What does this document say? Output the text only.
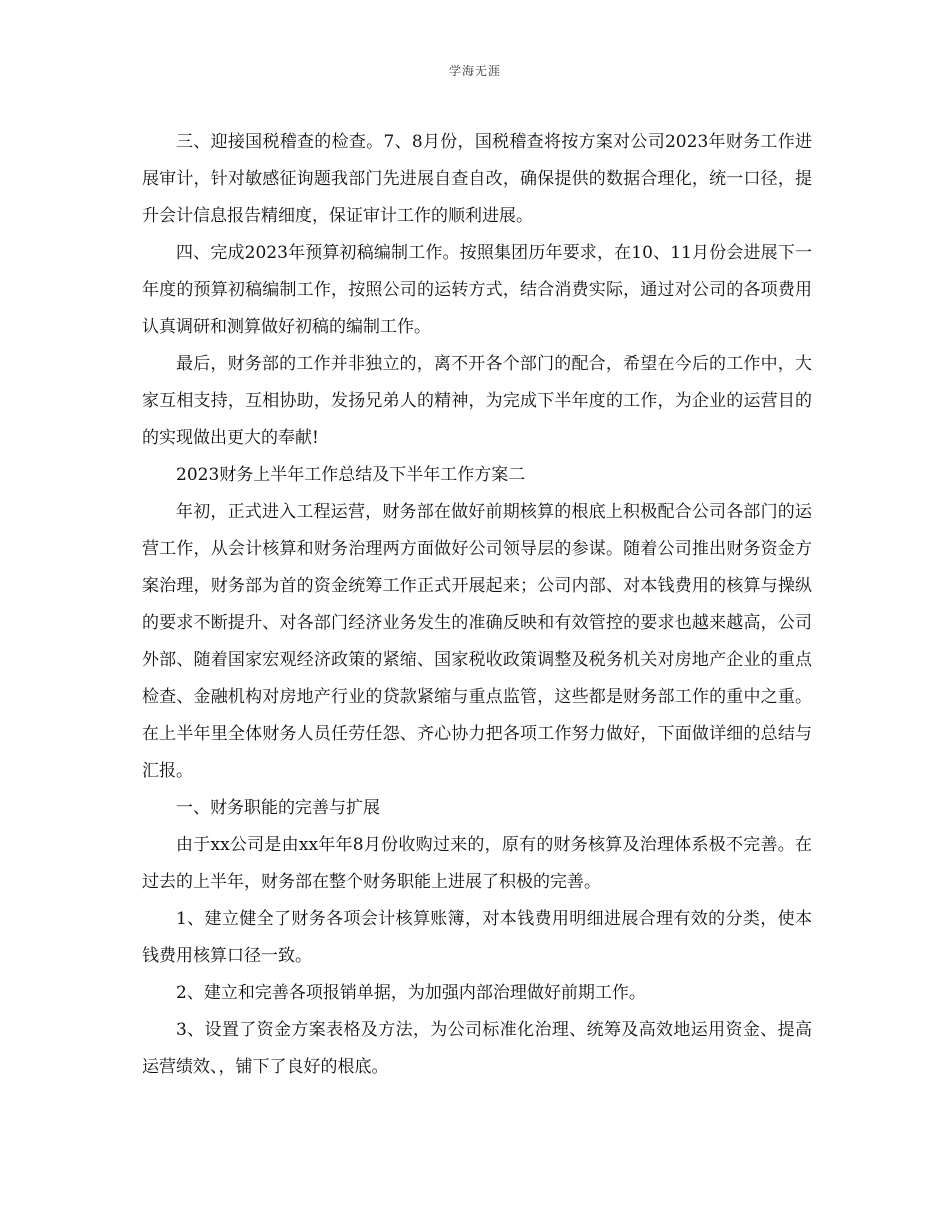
学海无涯

三、迎接国税稽查的检查。7、8月份，国税稽查将按方案对公司2023年财务工作进展审计，针对敏感征询题我部门先进展自查自改，确保提供的数据合理化，统一口径，提升会计信息报告精细度，保证审计工作的顺利进展。

四、完成2023年预算初稿编制工作。按照集团历年要求，在10、11月份会进展下一年度的预算初稿编制工作，按照公司的运转方式，结合消费实际，通过对公司的各项费用认真调研和测算做好初稿的编制工作。

最后，财务部的工作并非独立的，离不开各个部门的配合，希望在今后的工作中，大家互相支持，互相协助，发扬兄弟人的精神，为完成下半年度的工作，为企业的运营目的的实现做出更大的奉献!

2023财务上半年工作总结及下半年工作方案二

年初，正式进入工程运营，财务部在做好前期核算的根底上积极配合公司各部门的运营工作，从会计核算和财务治理两方面做好公司领导层的参谋。随着公司推出财务资金方案治理，财务部为首的资金统筹工作正式开展起来；公司内部、对本钱费用的核算与操纵的要求不断提升、对各部门经济业务发生的准确反映和有效管控的要求也越来越高，公司外部、随着国家宏观经济政策的紧缩、国家税收政策调整及税务机关对房地产企业的重点检查、金融机构对房地产行业的贷款紧缩与重点监管，这些都是财务部工作的重中之重。在上半年里全体财务人员任劳任怨、齐心协力把各项工作努力做好，下面做详细的总结与汇报。

一、财务职能的完善与扩展

由于xx公司是由xx年年8月份收购过来的，原有的财务核算及治理体系极不完善。在过去的上半年，财务部在整个财务职能上进展了积极的完善。

1、建立健全了财务各项会计核算账簿，对本钱费用明细进展合理有效的分类，使本钱费用核算口径一致。

2、建立和完善各项报销单据，为加强内部治理做好前期工作。

3、设置了资金方案表格及方法，为公司标准化治理、统筹及高效地运用资金、提高运营绩效、，铺下了良好的根底。
